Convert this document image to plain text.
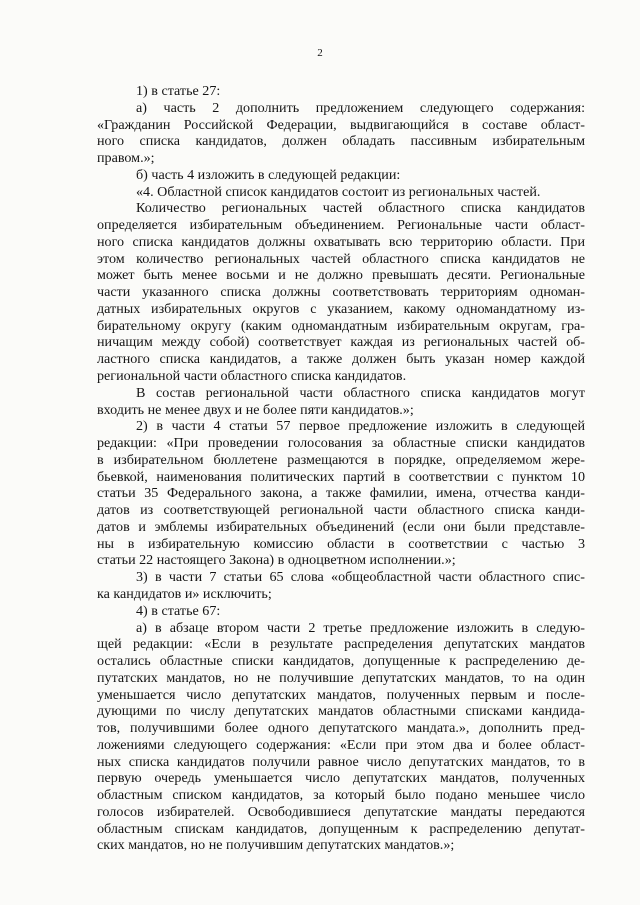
2
1) в статье 27:
а) часть 2 дополнить предложением следующего содержания:
«Гражданин Российской Федерации, выдвигающийся в составе област-
ного списка кандидатов, должен обладать пассивным избирательным
правом.»;
б) часть 4 изложить в следующей редакции:
«4. Областной список кандидатов состоит из региональных частей.
Количество региональных частей областного списка кандидатов
определяется избирательным объединением. Региональные части област-
ного списка кандидатов должны охватывать всю территорию области. При
этом количество региональных частей областного списка кандидатов не
может быть менее восьми и не должно превышать десяти. Региональные
части указанного списка должны соответствовать территориям одноман-
датных избирательных округов с указанием, какому одномандатному из-
бирательному округу (каким одномандатным избирательным округам, гра-
ничащим между собой) соответствует каждая из региональных частей об-
ластного списка кандидатов, а также должен быть указан номер каждой
региональной части областного списка кандидатов.
В состав региональной части областного списка кандидатов могут
входить не менее двух и не более пяти кандидатов.»;
2) в части 4 статьи 57 первое предложение изложить в следующей
редакции: «При проведении голосования за областные списки кандидатов
в избирательном бюллетене размещаются в порядке, определяемом жере-
бьевкой, наименования политических партий в соответствии с пунктом 10
статьи 35 Федерального закона, а также фамилии, имена, отчества канди-
датов из соответствующей региональной части областного списка канди-
датов и эмблемы избирательных объединений (если они были представле-
ны в избирательную комиссию области в соответствии с частью 3
статьи 22 настоящего Закона) в одноцветном исполнении.»;
3) в части 7 статьи 65 слова «общеобластной части областного спис-
ка кандидатов и» исключить;
4) в статье 67:
а) в абзаце втором части 2 третье предложение изложить в следую-
щей редакции: «Если в результате распределения депутатских мандатов
остались областные списки кандидатов, допущенные к распределению де-
путатских мандатов, но не получившие депутатских мандатов, то на один
уменьшается число депутатских мандатов, полученных первым и после-
дующими по числу депутатских мандатов областными списками кандида-
тов, получившими более одного депутатского мандата.», дополнить пред-
ложениями следующего содержания: «Если при этом два и более област-
ных списка кандидатов получили равное число депутатских мандатов, то в
первую очередь уменьшается число депутатских мандатов, полученных
областным списком кандидатов, за который было подано меньшее число
голосов избирателей. Освободившиеся депутатские мандаты передаются
областным спискам кандидатов, допущенным к распределению депутат-
ских мандатов, но не получившим депутатских мандатов.»;
